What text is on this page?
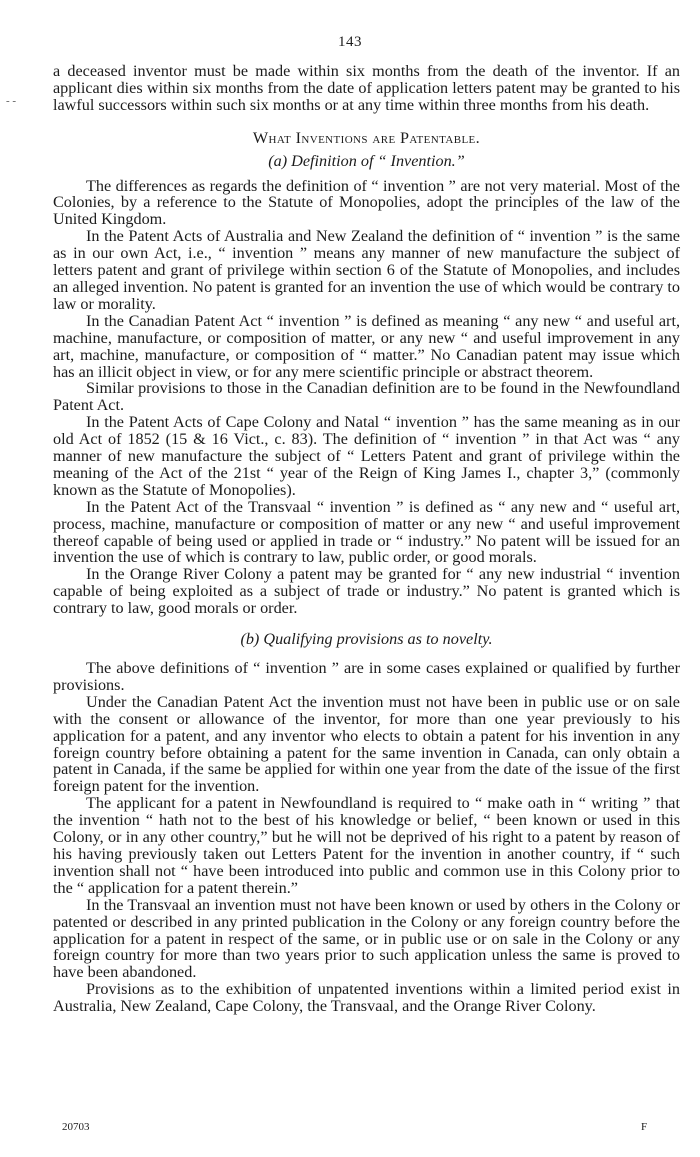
143
- -

a deceased inventor must be made within six months from the death of the inventor. If an applicant dies within six months from the date of application letters patent may be granted to his lawful successors within such six months or at any time within three months from his death.

What Inventions are Patentable.
(a) Definition of “ Invention.”

The differences as regards the definition of “ invention ” are not very material. Most of the Colonies, by a reference to the Statute of Monopolies, adopt the principles of the law of the United Kingdom.

In the Patent Acts of Australia and New Zealand the definition of “ invention ” is the same as in our own Act, i.e., “ invention ” means any manner of new manufacture the subject of letters patent and grant of privilege within section 6 of the Statute of Monopolies, and includes an alleged invention. No patent is granted for an invention the use of which would be contrary to law or morality.

In the Canadian Patent Act “ invention ” is defined as meaning “ any new “ and useful art, machine, manufacture, or composition of matter, or any new “ and useful improvement in any art, machine, manufacture, or composition of “ matter.” No Canadian patent may issue which has an illicit object in view, or for any mere scientific principle or abstract theorem.

Similar provisions to those in the Canadian definition are to be found in the Newfoundland Patent Act.

In the Patent Acts of Cape Colony and Natal “ invention ” has the same meaning as in our old Act of 1852 (15 & 16 Vict., c. 83). The definition of “ invention ” in that Act was “ any manner of new manufacture the subject of “ Letters Patent and grant of privilege within the meaning of the Act of the 21st “ year of the Reign of King James I., chapter 3,” (commonly known as the Statute of Monopolies).

In the Patent Act of the Transvaal “ invention ” is defined as “ any new and “ useful art, process, machine, manufacture or composition of matter or any new “ and useful improvement thereof capable of being used or applied in trade or “ industry.” No patent will be issued for an invention the use of which is contrary to law, public order, or good morals.

In the Orange River Colony a patent may be granted for “ any new industrial “ invention capable of being exploited as a subject of trade or industry.” No patent is granted which is contrary to law, good morals or order.

(b) Qualifying provisions as to novelty.

The above definitions of “ invention ” are in some cases explained or qualified by further provisions.

Under the Canadian Patent Act the invention must not have been in public use or on sale with the consent or allowance of the inventor, for more than one year previously to his application for a patent, and any inventor who elects to obtain a patent for his invention in any foreign country before obtaining a patent for the same invention in Canada, can only obtain a patent in Canada, if the same be applied for within one year from the date of the issue of the first foreign patent for the invention.

The applicant for a patent in Newfoundland is required to “ make oath in “ writing ” that the invention “ hath not to the best of his knowledge or belief, “ been known or used in this Colony, or in any other country,” but he will not be deprived of his right to a patent by reason of his having previously taken out Letters Patent for the invention in another country, if “ such invention shall not “ have been introduced into public and common use in this Colony prior to the “ application for a patent therein.”

In the Transvaal an invention must not have been known or used by others in the Colony or patented or described in any printed publication in the Colony or any foreign country before the application for a patent in respect of the same, or in public use or on sale in the Colony or any foreign country for more than two years prior to such application unless the same is proved to have been abandoned.

Provisions as to the exhibition of unpatented inventions within a limited period exist in Australia, New Zealand, Cape Colony, the Transvaal, and the Orange River Colony.

20703	F
